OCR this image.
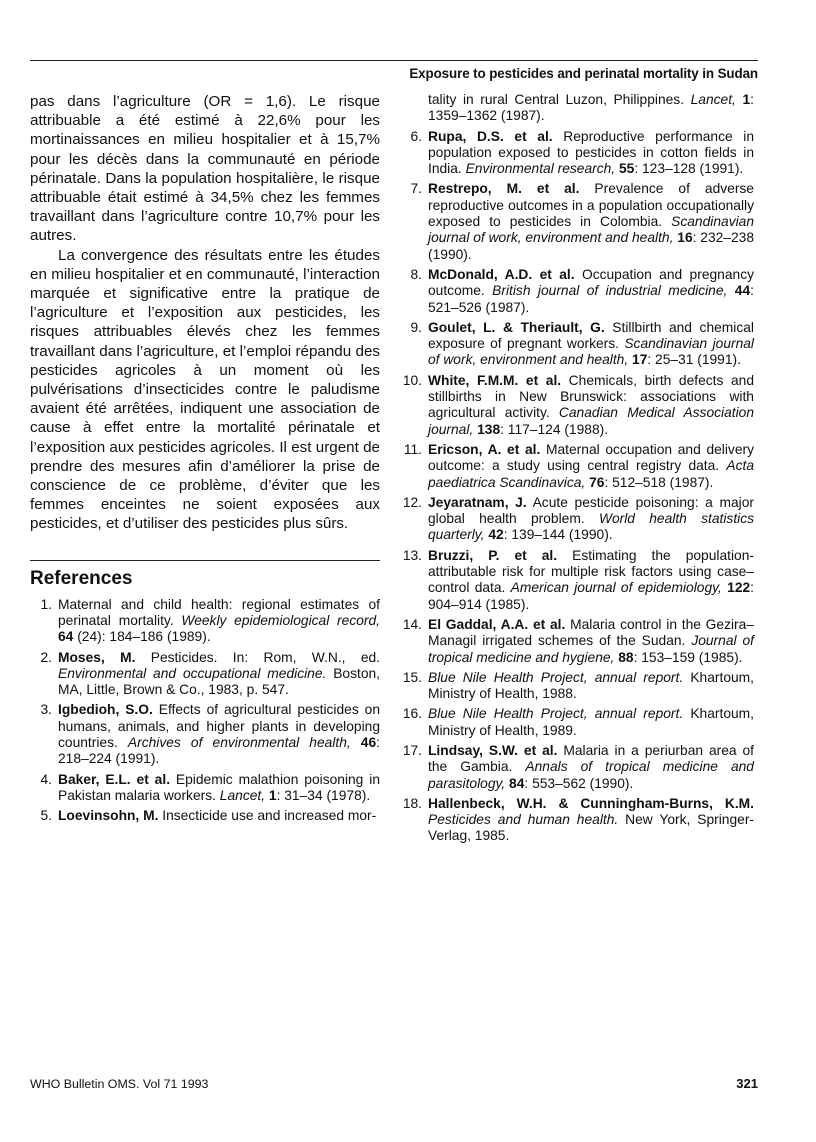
Exposure to pesticides and perinatal mortality in Sudan

pas dans l’agriculture (OR = 1,6). Le risque attribuable a été estimé à 22,6% pour les mortinaissances en milieu hospitalier et à 15,7% pour les décès dans la communauté en période périnatale. Dans la population hospitalière, le risque attribuable était estimé à 34,5% chez les femmes travaillant dans l’agriculture contre 10,7% pour les autres.

La convergence des résultats entre les études en milieu hospitalier et en communauté, l’interaction marquée et significative entre la pratique de l’agriculture et l’exposition aux pesticides, les risques attribuables élevés chez les femmes travaillant dans l’agriculture, et l’emploi répandu des pesticides agricoles à un moment où les pulvérisations d’insecticides contre le paludisme avaient été arrêtées, indiquent une association de cause à effet entre la mortalité périnatale et l’exposition aux pesticides agricoles. Il est urgent de prendre des mesures afin d’améliorer la prise de conscience de ce problème, d’éviter que les femmes enceintes ne soient exposées aux pesticides, et d’utiliser des pesticides plus sûrs.

References
1. Maternal and child health: regional estimates of perinatal mortality. Weekly epidemiological record, 64 (24): 184–186 (1989).
2. Moses, M. Pesticides. In: Rom, W.N., ed. Environmental and occupational medicine. Boston, MA, Little, Brown & Co., 1983, p. 547.
3. Igbedioh, S.O. Effects of agricultural pesticides on humans, animals, and higher plants in developing countries. Archives of environmental health, 46: 218–224 (1991).
4. Baker, E.L. et al. Epidemic malathion poisoning in Pakistan malaria workers. Lancet, 1: 31–34 (1978).
5. Loevinsohn, M. Insecticide use and increased mor-
tality in rural Central Luzon, Philippines. Lancet, 1: 1359–1362 (1987).
6. Rupa, D.S. et al. Reproductive performance in population exposed to pesticides in cotton fields in India. Environmental research, 55: 123–128 (1991).
7. Restrepo, M. et al. Prevalence of adverse reproductive outcomes in a population occupationally exposed to pesticides in Colombia. Scandinavian journal of work, environment and health, 16: 232–238 (1990).
8. McDonald, A.D. et al. Occupation and pregnancy outcome. British journal of industrial medicine, 44: 521–526 (1987).
9. Goulet, L. & Theriault, G. Stillbirth and chemical exposure of pregnant workers. Scandinavian journal of work, environment and health, 17: 25–31 (1991).
10. White, F.M.M. et al. Chemicals, birth defects and stillbirths in New Brunswick: associations with agricultural activity. Canadian Medical Association journal, 138: 117–124 (1988).
11. Ericson, A. et al. Maternal occupation and delivery outcome: a study using central registry data. Acta paediatrica Scandinavica, 76: 512–518 (1987).
12. Jeyaratnam, J. Acute pesticide poisoning: a major global health problem. World health statistics quarterly, 42: 139–144 (1990).
13. Bruzzi, P. et al. Estimating the population-attributable risk for multiple risk factors using case–control data. American journal of epidemiology, 122: 904–914 (1985).
14. El Gaddal, A.A. et al. Malaria control in the Gezira–Managil irrigated schemes of the Sudan. Journal of tropical medicine and hygiene, 88: 153–159 (1985).
15. Blue Nile Health Project, annual report. Khartoum, Ministry of Health, 1988.
16. Blue Nile Health Project, annual report. Khartoum, Ministry of Health, 1989.
17. Lindsay, S.W. et al. Malaria in a periurban area of the Gambia. Annals of tropical medicine and parasitology, 84: 553–562 (1990).
18. Hallenbeck, W.H. & Cunningham-Burns, K.M. Pesticides and human health. New York, Springer-Verlag, 1985.
WHO Bulletin OMS. Vol 71 1993	321
